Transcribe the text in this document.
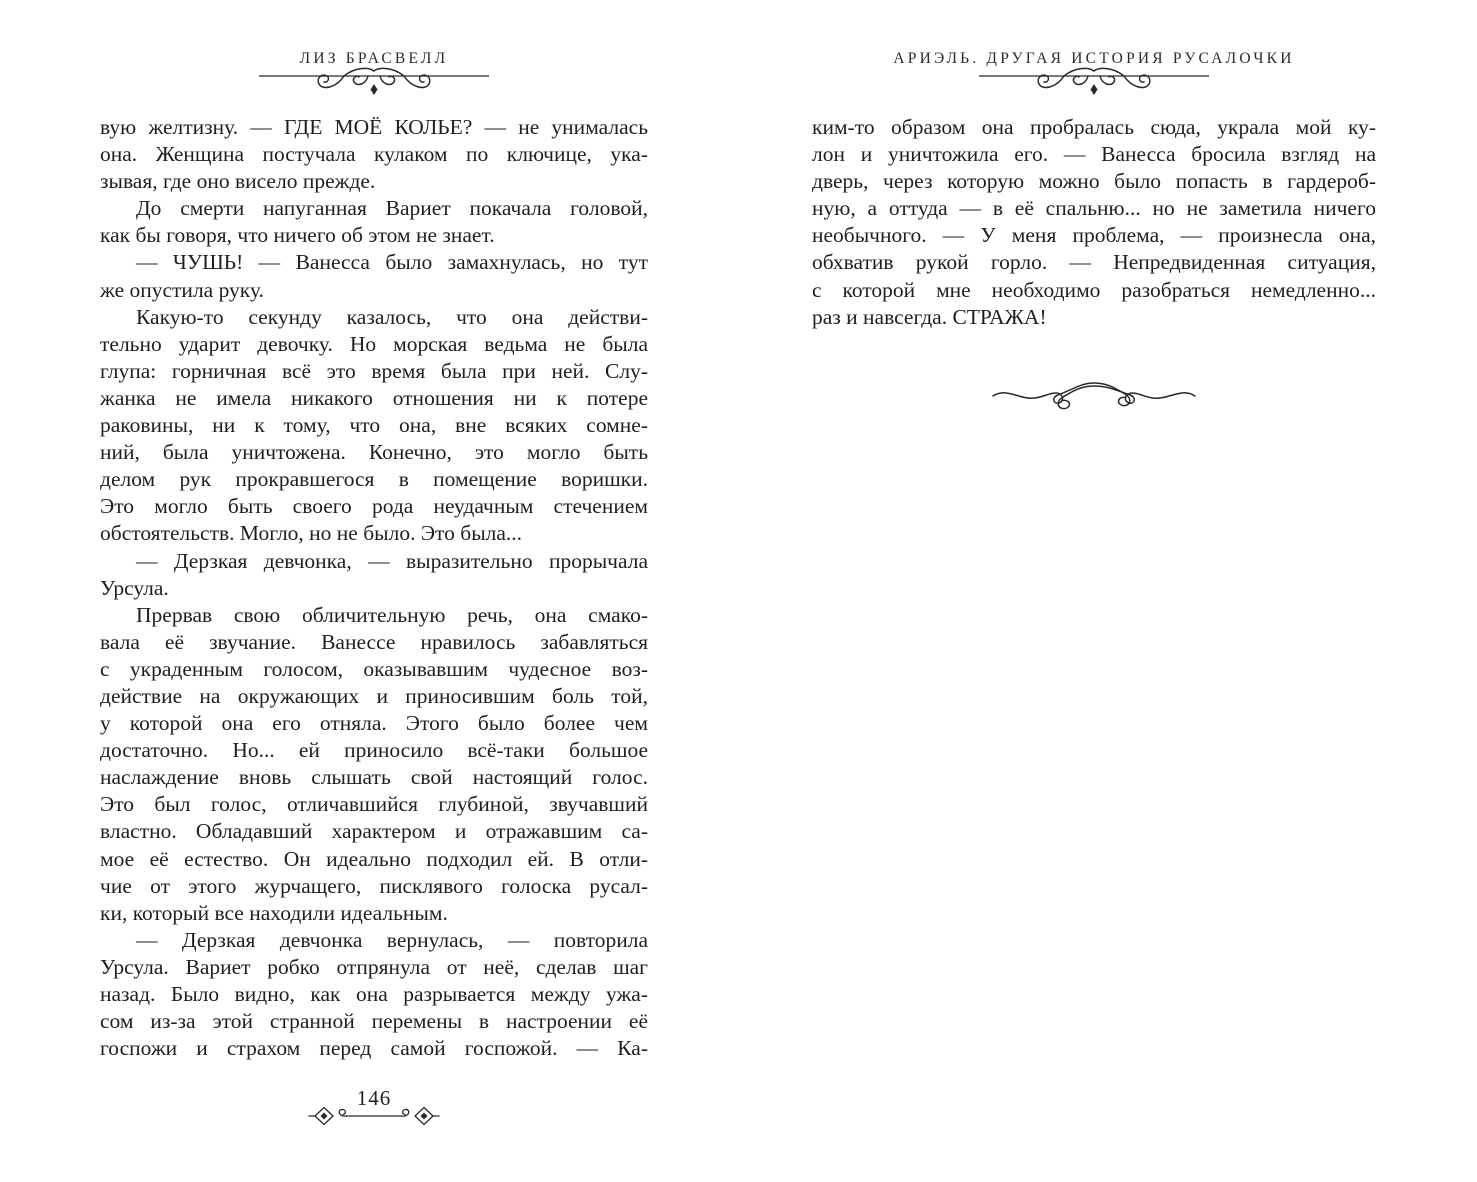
ЛИЗ БРАСВЕЛЛ
вую желтизну. — ГДЕ МОЁ КОЛЬЕ? — не унималась
она. Женщина постучала кулаком по ключице, ука-
зывая, где оно висело прежде.
До смерти напуганная Вариет покачала головой,
как бы говоря, что ничего об этом не знает.
— ЧУШЬ! — Ванесса было замахнулась, но тут
же опустила руку.
Какую-то секунду казалось, что она действи-
тельно ударит девочку. Но морская ведьма не была
глупа: горничная всё это время была при ней. Слу-
жанка не имела никакого отношения ни к потере
раковины, ни к тому, что она, вне всяких сомне-
ний, была уничтожена. Конечно, это могло быть
делом рук прокравшегося в помещение воришки.
Это могло быть своего рода неудачным стечением
обстоятельств. Могло, но не было. Это была...
— Дерзкая девчонка, — выразительно прорычала
Урсула.
Прервав свою обличительную речь, она смако-
вала её звучание. Ванессе нравилось забавляться
с украденным голосом, оказывавшим чудесное воз-
действие на окружающих и приносившим боль той,
у которой она его отняла. Этого было более чем
достаточно. Но... ей приносило всё-таки большое
наслаждение вновь слышать свой настоящий голос.
Это был голос, отличавшийся глубиной, звучавший
властно. Обладавший характером и отражавшим са-
мое её естество. Он идеально подходил ей. В отли-
чие от этого журчащего, писклявого голоска русал-
ки, который все находили идеальным.
— Дерзкая девчонка вернулась, — повторила
Урсула. Вариет робко отпрянула от неё, сделав шаг
назад. Было видно, как она разрывается между ужа-
сом из-за этой странной перемены в настроении её
госпожи и страхом перед самой госпожой. — Ка-
146
АРИЭЛЬ. ДРУГАЯ ИСТОРИЯ РУСАЛОЧКИ
ким-то образом она пробралась сюда, украла мой ку-
лон и уничтожила его. — Ванесса бросила взгляд на
дверь, через которую можно было попасть в гардероб-
ную, а оттуда — в её спальню... но не заметила ничего
необычного. — У меня проблема, — произнесла она,
обхватив рукой горло. — Непредвиденная ситуация,
с которой мне необходимо разобраться немедленно...
раз и навсегда. СТРАЖА!
